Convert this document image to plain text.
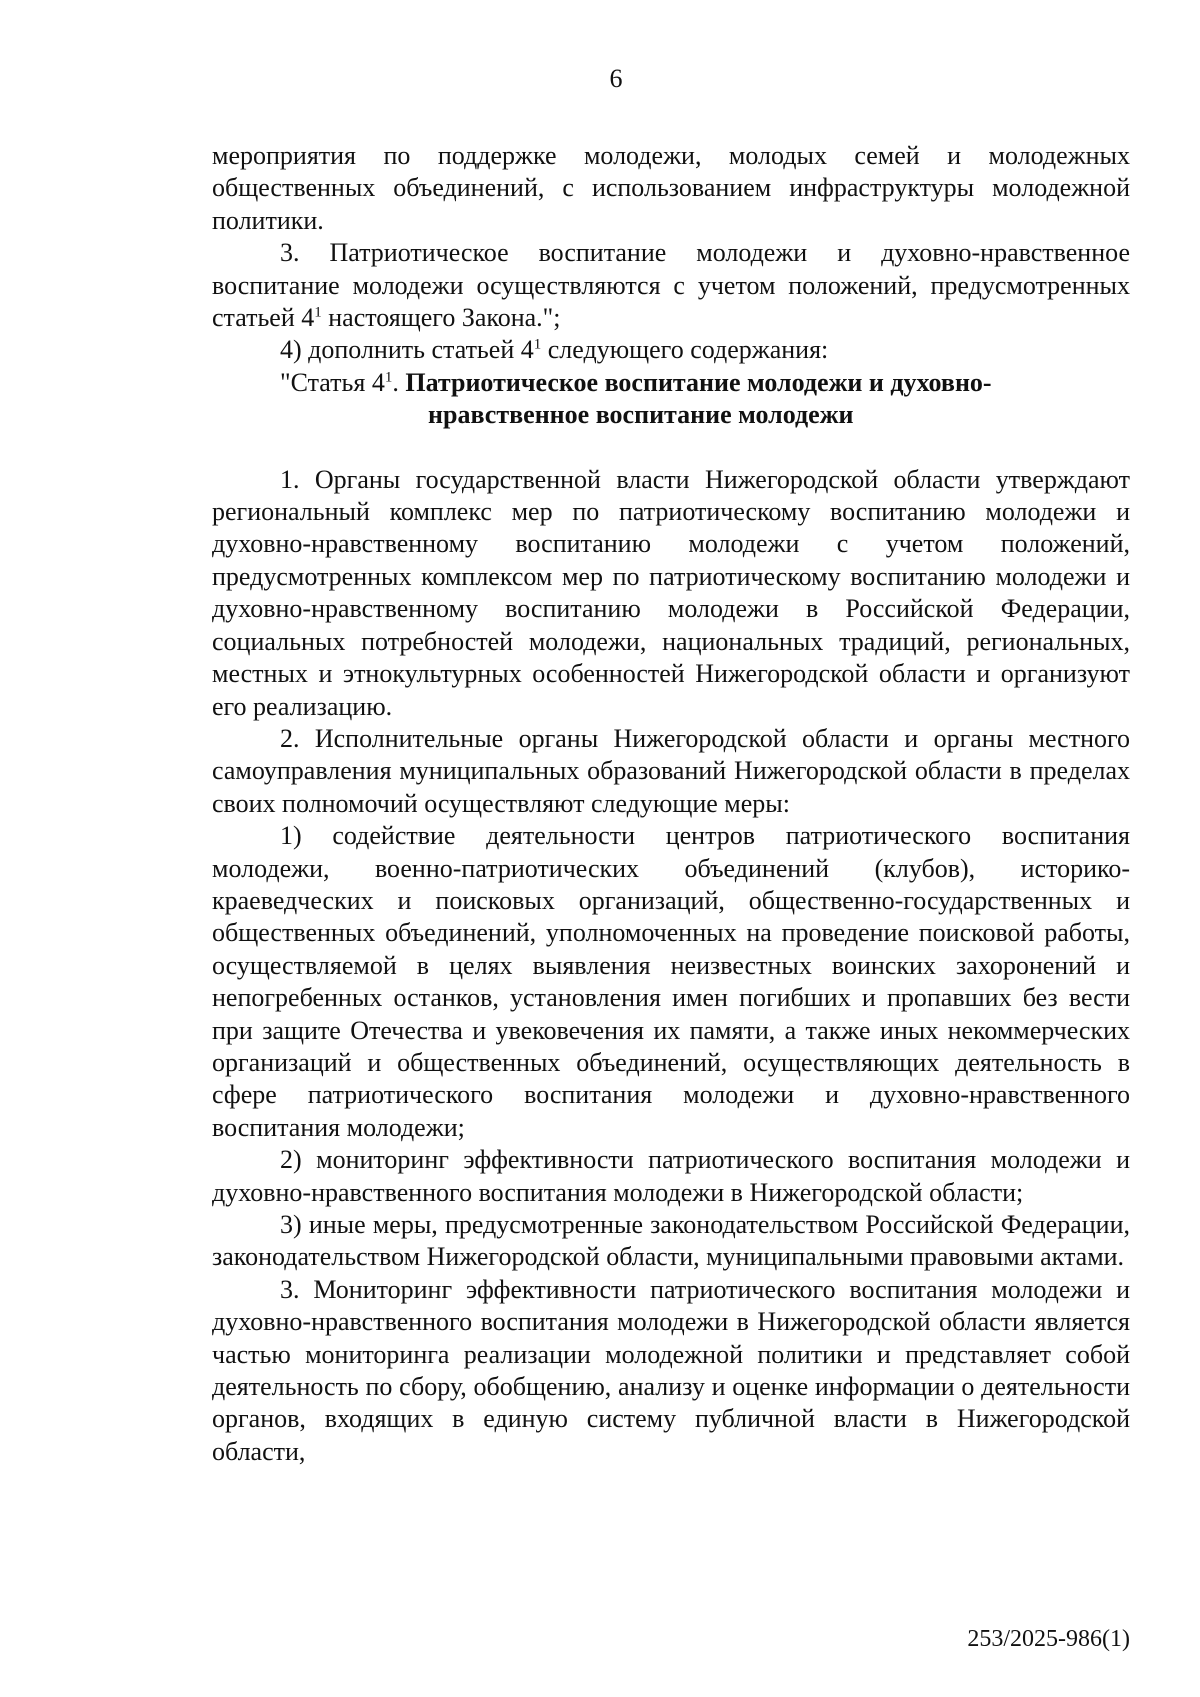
6

мероприятия по поддержке молодежи, молодых семей и молодежных общественных объединений, с использованием инфраструктуры молодежной политики.

3. Патриотическое воспитание молодежи и духовно-нравственное воспитание молодежи осуществляются с учетом положений, предусмотренных статьей $4^1$ настоящего Закона.";

4) дополнить статьей $4^1$ следующего содержания:

"Статья $4^1$. Патриотическое воспитание молодежи и духовно-
нравственное воспитание молодежи

1. Органы государственной власти Нижегородской области утверждают региональный комплекс мер по патриотическому воспитанию молодежи и духовно-нравственному воспитанию молодежи с учетом положений, предусмотренных комплексом мер по патриотическому воспитанию молодежи и духовно-нравственному воспитанию молодежи в Российской Федерации, социальных потребностей молодежи, национальных традиций, региональных, местных и этнокультурных особенностей Нижегородской области и организуют его реализацию.

2. Исполнительные органы Нижегородской области и органы местного самоуправления муниципальных образований Нижегородской области в пределах своих полномочий осуществляют следующие меры:

1) содействие деятельности центров патриотического воспитания молодежи, военно-патриотических объединений (клубов), историко-краеведческих и поисковых организаций, общественно-государственных и общественных объединений, уполномоченных на проведение поисковой работы, осуществляемой в целях выявления неизвестных воинских захоронений и непогребенных останков, установления имен погибших и пропавших без вести при защите Отечества и увековечения их памяти, а также иных некоммерческих организаций и общественных объединений, осуществляющих деятельность в сфере патриотического воспитания молодежи и духовно-нравственного воспитания молодежи;

2) мониторинг эффективности патриотического воспитания молодежи и духовно-нравственного воспитания молодежи в Нижегородской области;

3) иные меры, предусмотренные законодательством Российской Федерации, законодательством Нижегородской области, муниципальными правовыми актами.

3. Мониторинг эффективности патриотического воспитания молодежи и духовно-нравственного воспитания молодежи в Нижегородской области является частью мониторинга реализации молодежной политики и представляет собой деятельность по сбору, обобщению, анализу и оценке информации о деятельности органов, входящих в единую систему публичной власти в Нижегородской области,

253/2025-986(1)
